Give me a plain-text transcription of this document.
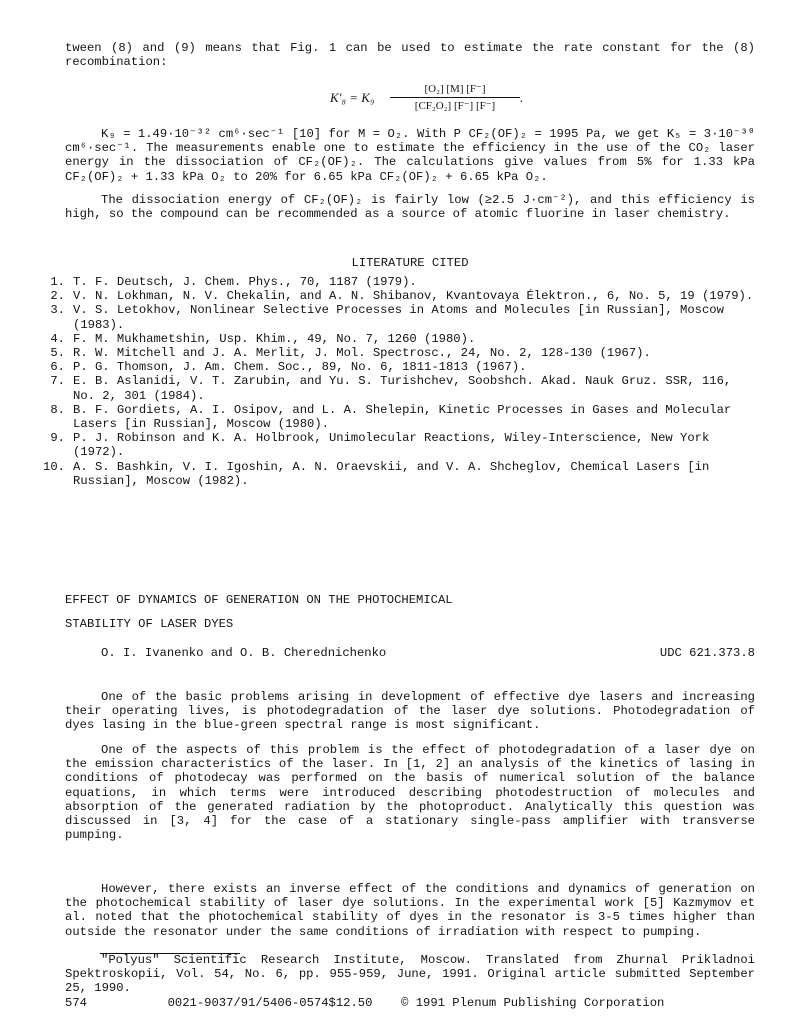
tween (8) and (9) means that Fig. 1 can be used to estimate the rate constant for the (8) recombination:

K′₈ = K₉
[O₂] [M] [F⁻]
[CF₂O₂] [F⁻] [F⁻]
.

K₉ = 1.49·10⁻³² cm⁶·sec⁻¹ [10] for M = O₂. With P CF₂(OF)₂ = 1995 Pa, we get K₅ = 3·10⁻³⁰ cm⁶·sec⁻¹. The measurements enable one to estimate the efficiency in the use of the CO₂ laser energy in the dissociation of CF₂(OF)₂. The calculations give values from 5% for 1.33 kPa CF₂(OF)₂ + 1.33 kPa O₂ to 20% for 6.65 kPa CF₂(OF)₂ + 6.65 kPa O₂.

The dissociation energy of CF₂(OF)₂ is fairly low (≥2.5 J·cm⁻²), and this efficiency is high, so the compound can be recommended as a source of atomic fluorine in laser chemistry.

LITERATURE CITED
1. T. F. Deutsch, J. Chem. Phys., 70, 1187 (1979).
2. V. N. Lokhman, N. V. Chekalin, and A. N. Shibanov, Kvantovaya Élektron., 6, No. 5, 19 (1979).
3. V. S. Letokhov, Nonlinear Selective Processes in Atoms and Molecules [in Russian], Moscow (1983).
4. F. M. Mukhametshin, Usp. Khim., 49, No. 7, 1260 (1980).
5. R. W. Mitchell and J. A. Merlit, J. Mol. Spectrosc., 24, No. 2, 128-130 (1967).
6. P. G. Thomson, J. Am. Chem. Soc., 89, No. 6, 1811-1813 (1967).
7. E. B. Aslanidi, V. T. Zarubin, and Yu. S. Turishchev, Soobshch. Akad. Nauk Gruz. SSR, 116, No. 2, 301 (1984).
8. B. F. Gordiets, A. I. Osipov, and L. A. Shelepin, Kinetic Processes in Gases and Molecular Lasers [in Russian], Moscow (1980).
9. P. J. Robinson and K. A. Holbrook, Unimolecular Reactions, Wiley-Interscience, New York (1972).
10. A. S. Bashkin, V. I. Igoshin, A. N. Oraevskii, and V. A. Shcheglov, Chemical Lasers [in Russian], Moscow (1982).

EFFECT OF DYNAMICS OF GENERATION ON THE PHOTOCHEMICAL

STABILITY OF LASER DYES

O. I. Ivanenko and O. B. Cherednichenko	UDC 621.373.8

One of the basic problems arising in development of effective dye lasers and increasing their operating lives, is photodegradation of the laser dye solutions. Photodegradation of dyes lasing in the blue-green spectral range is most significant.

One of the aspects of this problem is the effect of photodegradation of a laser dye on the emission characteristics of the laser. In [1, 2] an analysis of the kinetics of lasing in conditions of photodecay was performed on the basis of numerical solution of the balance equations, in which terms were introduced describing photodestruction of molecules and absorption of the generated radiation by the photoproduct. Analytically this question was discussed in [3, 4] for the case of a stationary single-pass amplifier with transverse pumping.

However, there exists an inverse effect of the conditions and dynamics of generation on the photochemical stability of laser dye solutions. In the experimental work [5] Kazmymov et al. noted that the photochemical stability of dyes in the resonator is 3-5 times higher than outside the resonator under the same conditions of irradiation with respect to pumping.

"Polyus" Scientific Research Institute, Moscow. Translated from Zhurnal Prikladnoi Spektroskopii, Vol. 54, No. 6, pp. 955-959, June, 1991. Original article submitted September 25, 1990.

574	0021-9037/91/5406-0574$12.50 © 1991 Plenum Publishing Corporation
